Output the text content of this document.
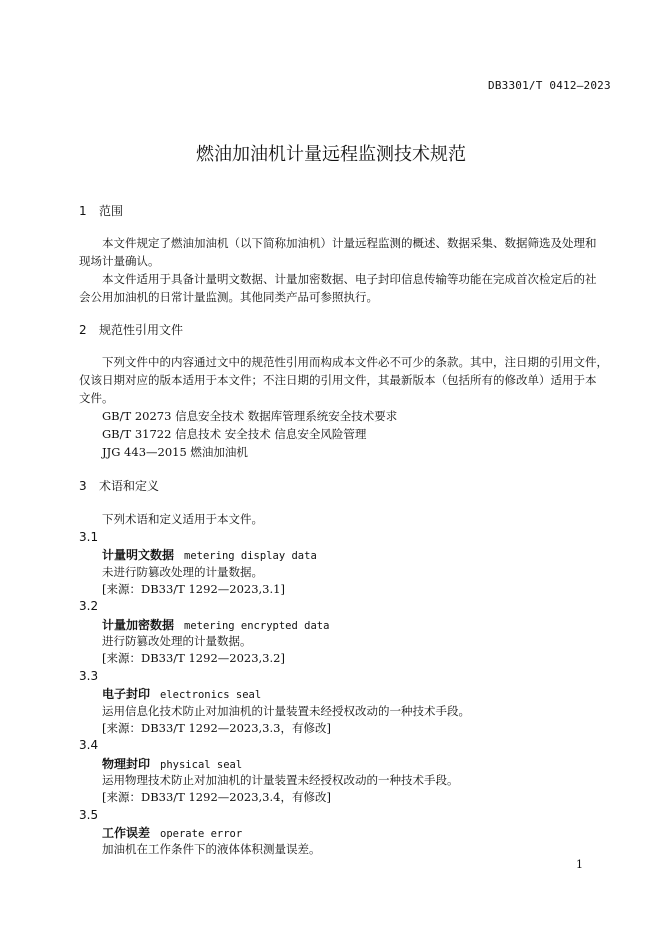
DB3301/T 0412—2023
燃油加油机计量远程监测技术规范
1 范围
本文件规定了燃油加油机（以下简称加油机）计量远程监测的概述、数据采集、数据筛选及处理和
现场计量确认。
本文件适用于具备计量明文数据、计量加密数据、电子封印信息传输等功能在完成首次检定后的社
会公用加油机的日常计量监测。其他同类产品可参照执行。
2 规范性引用文件
下列文件中的内容通过文中的规范性引用而构成本文件必不可少的条款。其中，注日期的引用文件，
仅该日期对应的版本适用于本文件；不注日期的引用文件，其最新版本（包括所有的修改单）适用于本
文件。
GB/T 20273 信息安全技术 数据库管理系统安全技术要求
GB/T 31722 信息技术 安全技术 信息安全风险管理
JJG 443—2015 燃油加油机
3 术语和定义
下列术语和定义适用于本文件。
3.1
计量明文数据 metering display data
未进行防篡改处理的计量数据。
[来源：DB33/T 1292—2023,3.1]
3.2
计量加密数据 metering encrypted data
进行防篡改处理的计量数据。
[来源：DB33/T 1292—2023,3.2]
3.3
电子封印 electronics seal
运用信息化技术防止对加油机的计量装置未经授权改动的一种技术手段。
[来源：DB33/T 1292—2023,3.3，有修改]
3.4
物理封印 physical seal
运用物理技术防止对加油机的计量装置未经授权改动的一种技术手段。
[来源：DB33/T 1292—2023,3.4，有修改]
3.5
工作误差 operate error
加油机在工作条件下的液体体积测量误差。
1
